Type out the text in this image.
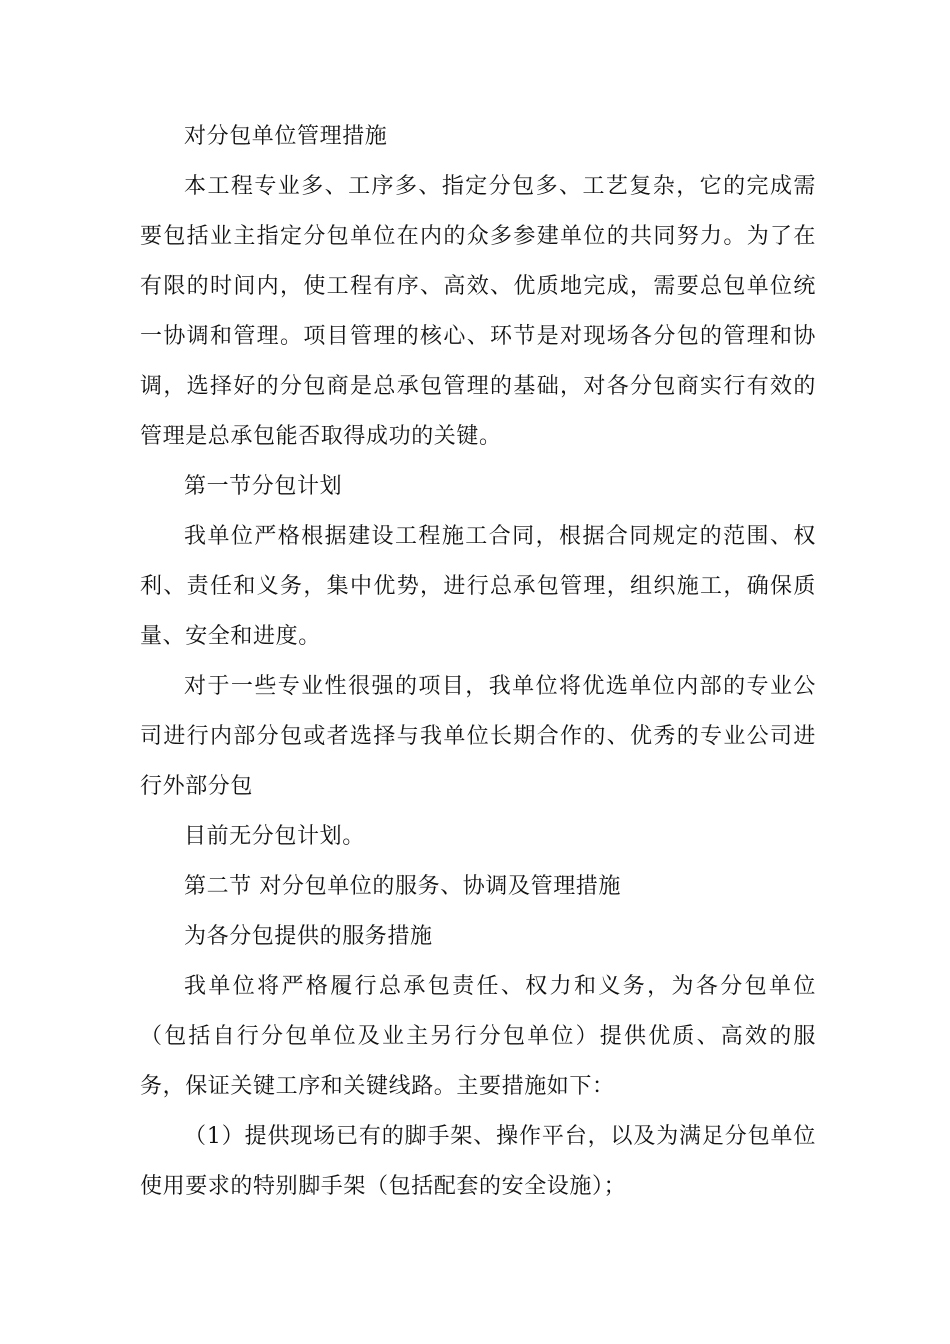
对分包单位管理措施

本工程专业多、工序多、指定分包多、工艺复杂，它的完成需要包括业主指定分包单位在内的众多参建单位的共同努力。为了在有限的时间内，使工程有序、高效、优质地完成，需要总包单位统一协调和管理。项目管理的核心、环节是对现场各分包的管理和协调，选择好的分包商是总承包管理的基础，对各分包商实行有效的管理是总承包能否取得成功的关键。

第一节分包计划

我单位严格根据建设工程施工合同，根据合同规定的范围、权利、责任和义务，集中优势，进行总承包管理，组织施工，确保质量、安全和进度。

对于一些专业性很强的项目，我单位将优选单位内部的专业公司进行内部分包或者选择与我单位长期合作的、优秀的专业公司进行外部分包

目前无分包计划。

第二节 对分包单位的服务、协调及管理措施

为各分包提供的服务措施

我单位将严格履行总承包责任、权力和义务，为各分包单位（包括自行分包单位及业主另行分包单位）提供优质、高效的服务，保证关键工序和关键线路。主要措施如下：

（1）提供现场已有的脚手架、操作平台，以及为满足分包单位使用要求的特别脚手架（包括配套的安全设施）；
